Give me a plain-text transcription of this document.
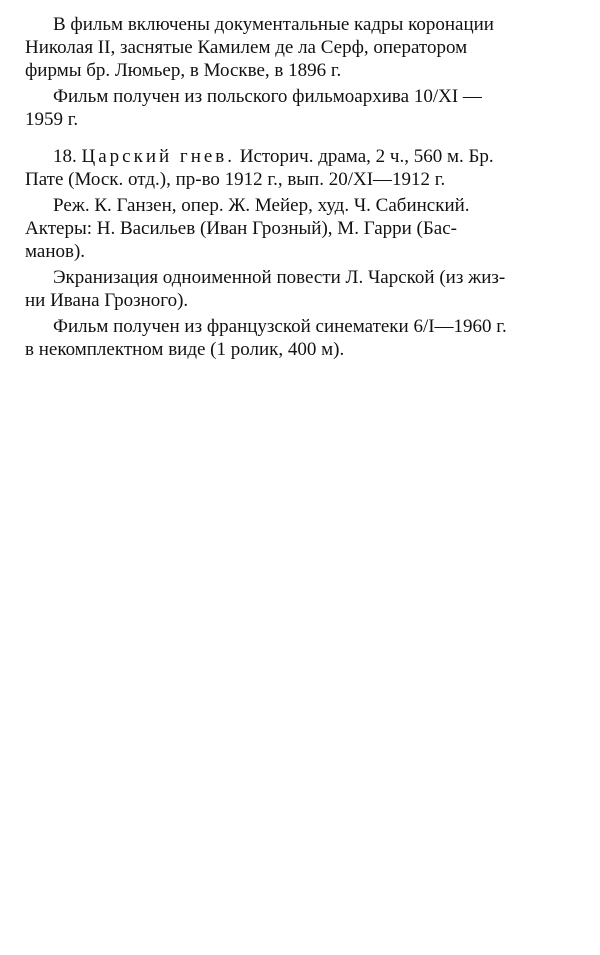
В фильм включены документальные кадры коронации
Николая II, заснятые Камилем де ла Серф, оператором
фирмы бр. Люмьер, в Москве, в 1896 г.
Фильм получен из польского фильмоархива 10/XI —
1959 г.
18. Царский гнев. Историч. драма, 2 ч., 560 м. Бр.
Пате (Моск. отд.), пр-во 1912 г., вып. 20/XI—1912 г.
Реж. К. Ганзен, опер. Ж. Мейер, худ. Ч. Сабинский.
Актеры: Н. Васильев (Иван Грозный), М. Гарри (Бас-
манов).
Экранизация одноименной повести Л. Чарской (из жиз-
ни Ивана Грозного).
Фильм получен из французской синематеки 6/I—1960 г.
в некомплектном виде (1 ролик, 400 м).
